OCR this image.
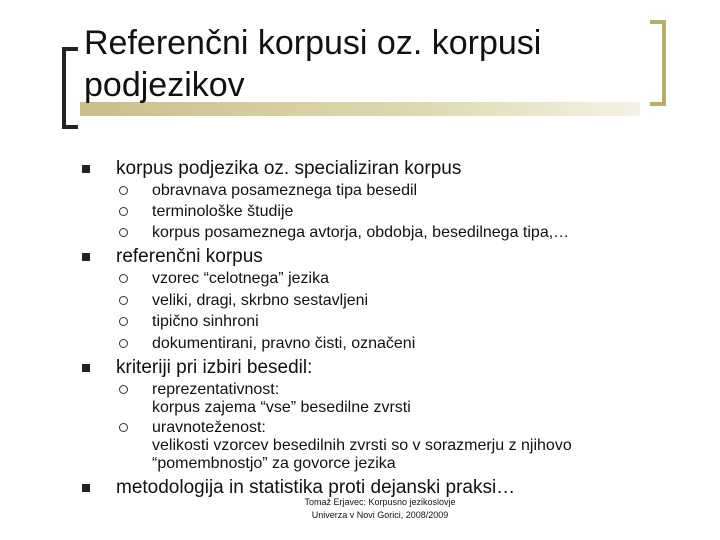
Referenčni korpusi oz. korpusi podjezikov
korpus podjezika oz. specializiran korpus
obravnava posameznega tipa besedil
terminološke študije
korpus posameznega avtorja, obdobja, besedilnega tipa,…
referenčni korpus
vzorec “celotnega” jezika
veliki, dragi, skrbno sestavljeni
tipično sinhroni
dokumentirani, pravno čisti, označeni
kriteriji pri izbiri besedil:
reprezentativnost:
korpus zajema “vse” besedilne zvrsti
uravnoteženost:
velikosti vzorcev besedilnih zvrsti so v sorazmerju z njihovo
“pomembnostjo” za govorce jezika
metodologija in statistika proti dejanski praksi…
Tomaž Erjavec: Korpusno jezikoslovje
Univerza v Novi Gorici, 2008/2009
